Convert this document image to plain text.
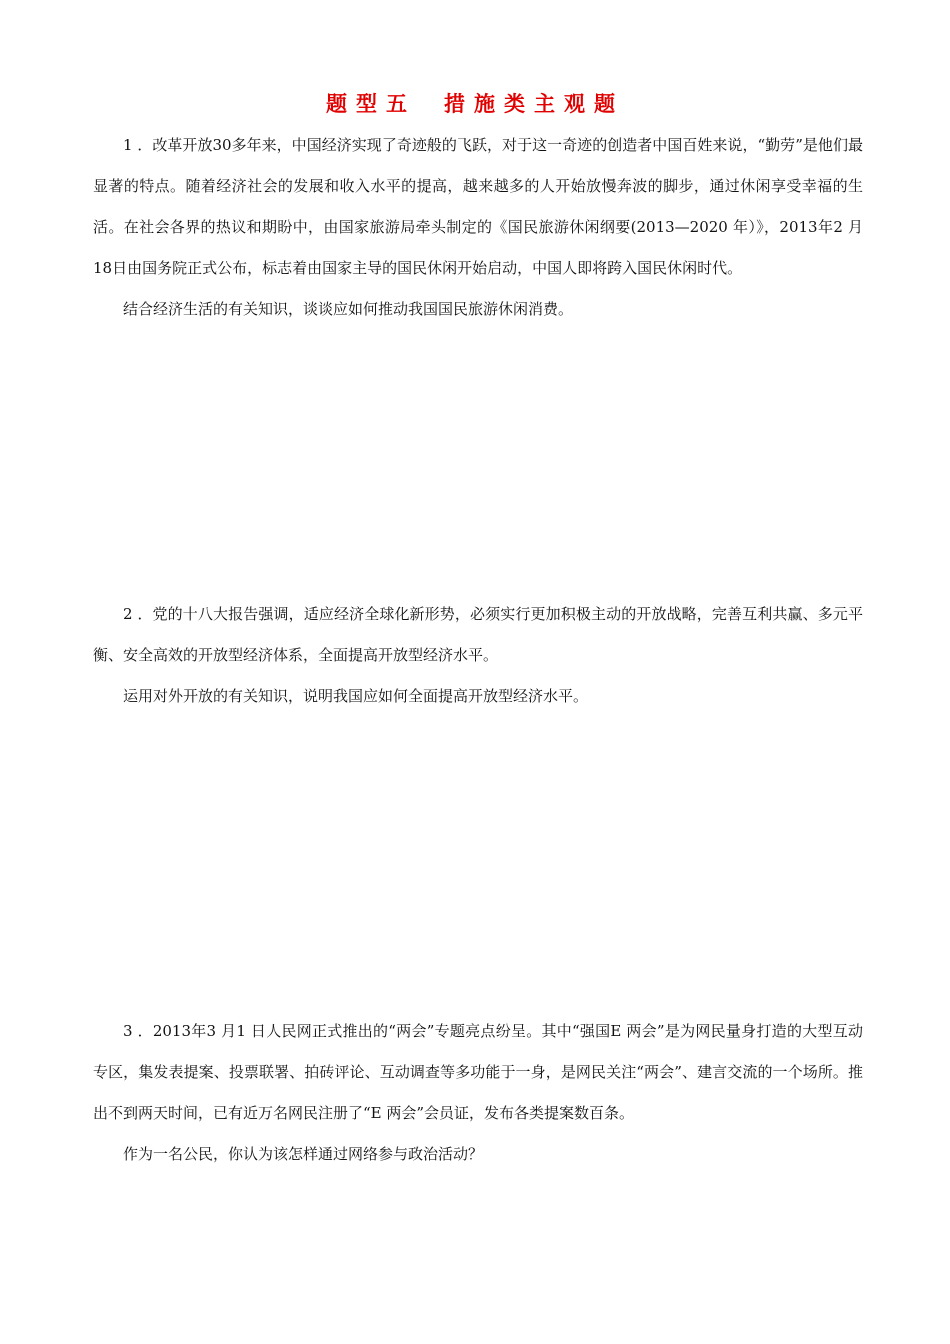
题型五 措施类主观题

1 ．改革开放30多年来，中国经济实现了奇迹般的飞跃，对于这一奇迹的创造者中国百姓来说，“勤劳”是他们最显著的特点。随着经济社会的发展和收入水平的提高，越来越多的人开始放慢奔波的脚步，通过休闲享受幸福的生活。在社会各界的热议和期盼中，由国家旅游局牵头制定的《国民旅游休闲纲要(2013—2020 年）》，2013年2 月18日由国务院正式公布，标志着由国家主导的国民休闲开始启动，中国人即将跨入国民休闲时代。

结合经济生活的有关知识，谈谈应如何推动我国国民旅游休闲消费。

2 ．党的十八大报告强调，适应经济全球化新形势，必须实行更加积极主动的开放战略，完善互利共赢、多元平衡、安全高效的开放型经济体系，全面提高开放型经济水平。

运用对外开放的有关知识，说明我国应如何全面提高开放型经济水平。

3 ．2013年3 月1 日人民网正式推出的“两会”专题亮点纷呈。其中“强国E 两会”是为网民量身打造的大型互动专区，集发表提案、投票联署、拍砖评论、互动调查等多功能于一身，是网民关注“两会”、建言交流的一个场所。推出不到两天时间，已有近万名网民注册了“E 两会”会员证，发布各类提案数百条。

作为一名公民，你认为该怎样通过网络参与政治活动？
